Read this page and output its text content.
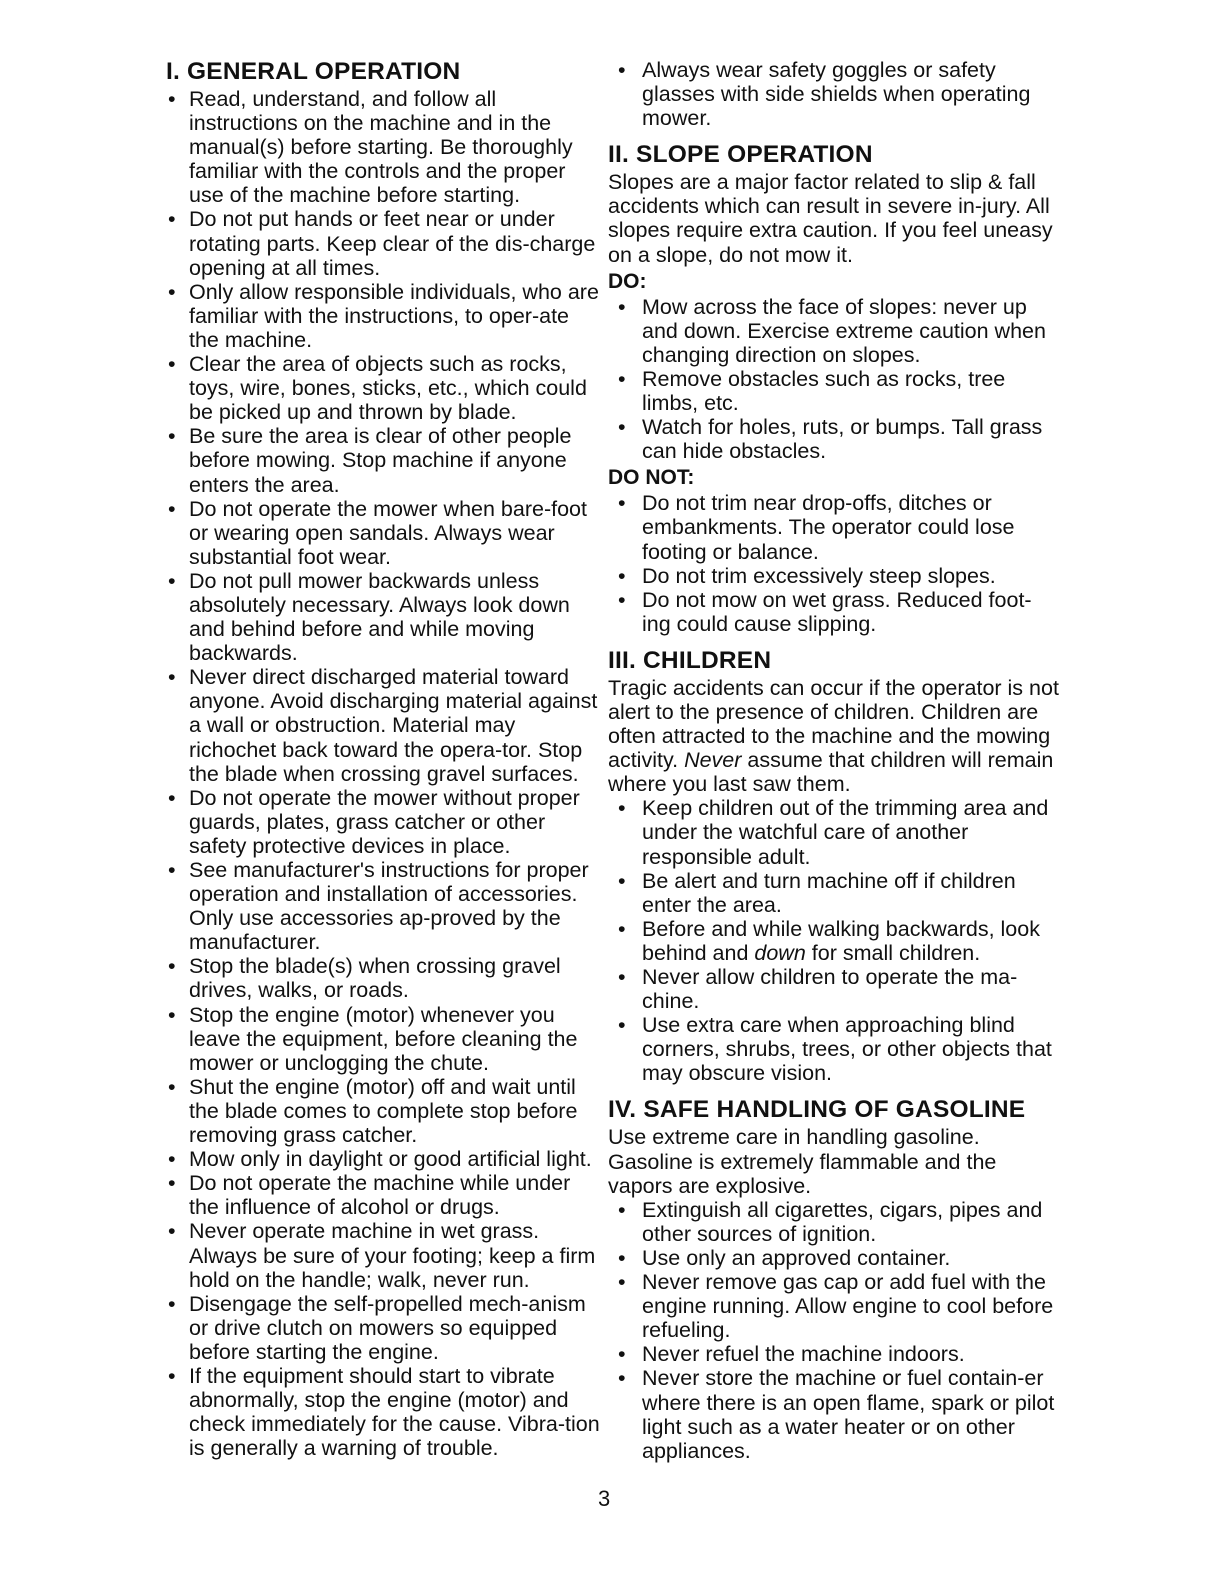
I. GENERAL OPERATION
• Read, understand, and follow all instructions on the machine and in the manual(s) before starting. Be thoroughly familiar with the controls and the proper use of the machine before starting.
• Do not put hands or feet near or under rotating parts. Keep clear of the dis-charge opening at all times.
• Only allow responsible individuals, who are familiar with the instructions, to oper-ate the machine.
• Clear the area of objects such as rocks, toys, wire, bones, sticks, etc., which could be picked up and thrown by blade.
• Be sure the area is clear of other people before mowing. Stop machine if anyone enters the area.
• Do not operate the mower when bare-foot or wearing open sandals. Always wear substantial foot wear.
• Do not pull mower backwards unless absolutely necessary. Always look down and behind before and while moving backwards.
• Never direct discharged material toward anyone. Avoid discharging material against a wall or obstruction. Material may richochet back toward the opera-tor. Stop the blade when crossing gravel surfaces.
• Do not operate the mower without proper guards, plates, grass catcher or other safety protective devices in place.
• See manufacturer's instructions for proper operation and installation of accessories. Only use accessories ap-proved by the manufacturer.
• Stop the blade(s) when crossing gravel drives, walks, or roads.
• Stop the engine (motor) whenever you leave the equipment, before cleaning the mower or unclogging the chute.
• Shut the engine (motor) off and wait until the blade comes to complete stop before removing grass catcher.
• Mow only in daylight or good artificial light.
• Do not operate the machine while under the influence of alcohol or drugs.
• Never operate machine in wet grass. Always be sure of your footing; keep a firm hold on the handle; walk, never run.
• Disengage the self-propelled mech-anism or drive clutch on mowers so equipped before starting the engine.
• If the equipment should start to vibrate abnormally, stop the engine (motor) and check immediately for the cause. Vibra-tion is generally a warning of trouble.
• Always wear safety goggles or safety glasses with side shields when operating mower.
II. SLOPE OPERATION

Slopes are a major factor related to slip & fall accidents which can result in severe in-jury. All slopes require extra caution. If you feel uneasy on a slope, do not mow it.

DO:
• Mow across the face of slopes: never up and down. Exercise extreme caution when changing direction on slopes.
• Remove obstacles such as rocks, tree limbs, etc.
• Watch for holes, ruts, or bumps. Tall grass can hide obstacles.
DO NOT:
• Do not trim near drop-offs, ditches or embankments. The operator could lose footing or balance.
• Do not trim excessively steep slopes.
• Do not mow on wet grass. Reduced foot-ing could cause slipping.
III. CHILDREN

Tragic accidents can occur if the operator is not alert to the presence of children. Children are often attracted to the machine and the mowing activity. Never assume that children will remain where you last saw them.

• Keep children out of the trimming area and under the watchful care of another responsible adult.
• Be alert and turn machine off if children enter the area.
• Before and while walking backwards, look behind and down for small children.
• Never allow children to operate the ma-chine.
• Use extra care when approaching blind corners, shrubs, trees, or other objects that may obscure vision.
IV. SAFE HANDLING OF GASOLINE

Use extreme care in handling gasoline. Gasoline is extremely flammable and the vapors are explosive.

• Extinguish all cigarettes, cigars, pipes and other sources of ignition.
• Use only an approved container.
• Never remove gas cap or add fuel with the engine running. Allow engine to cool before refueling.
• Never refuel the machine indoors.
• Never store the machine or fuel contain-er where there is an open flame, spark or pilot light such as a water heater or on other appliances.
3
